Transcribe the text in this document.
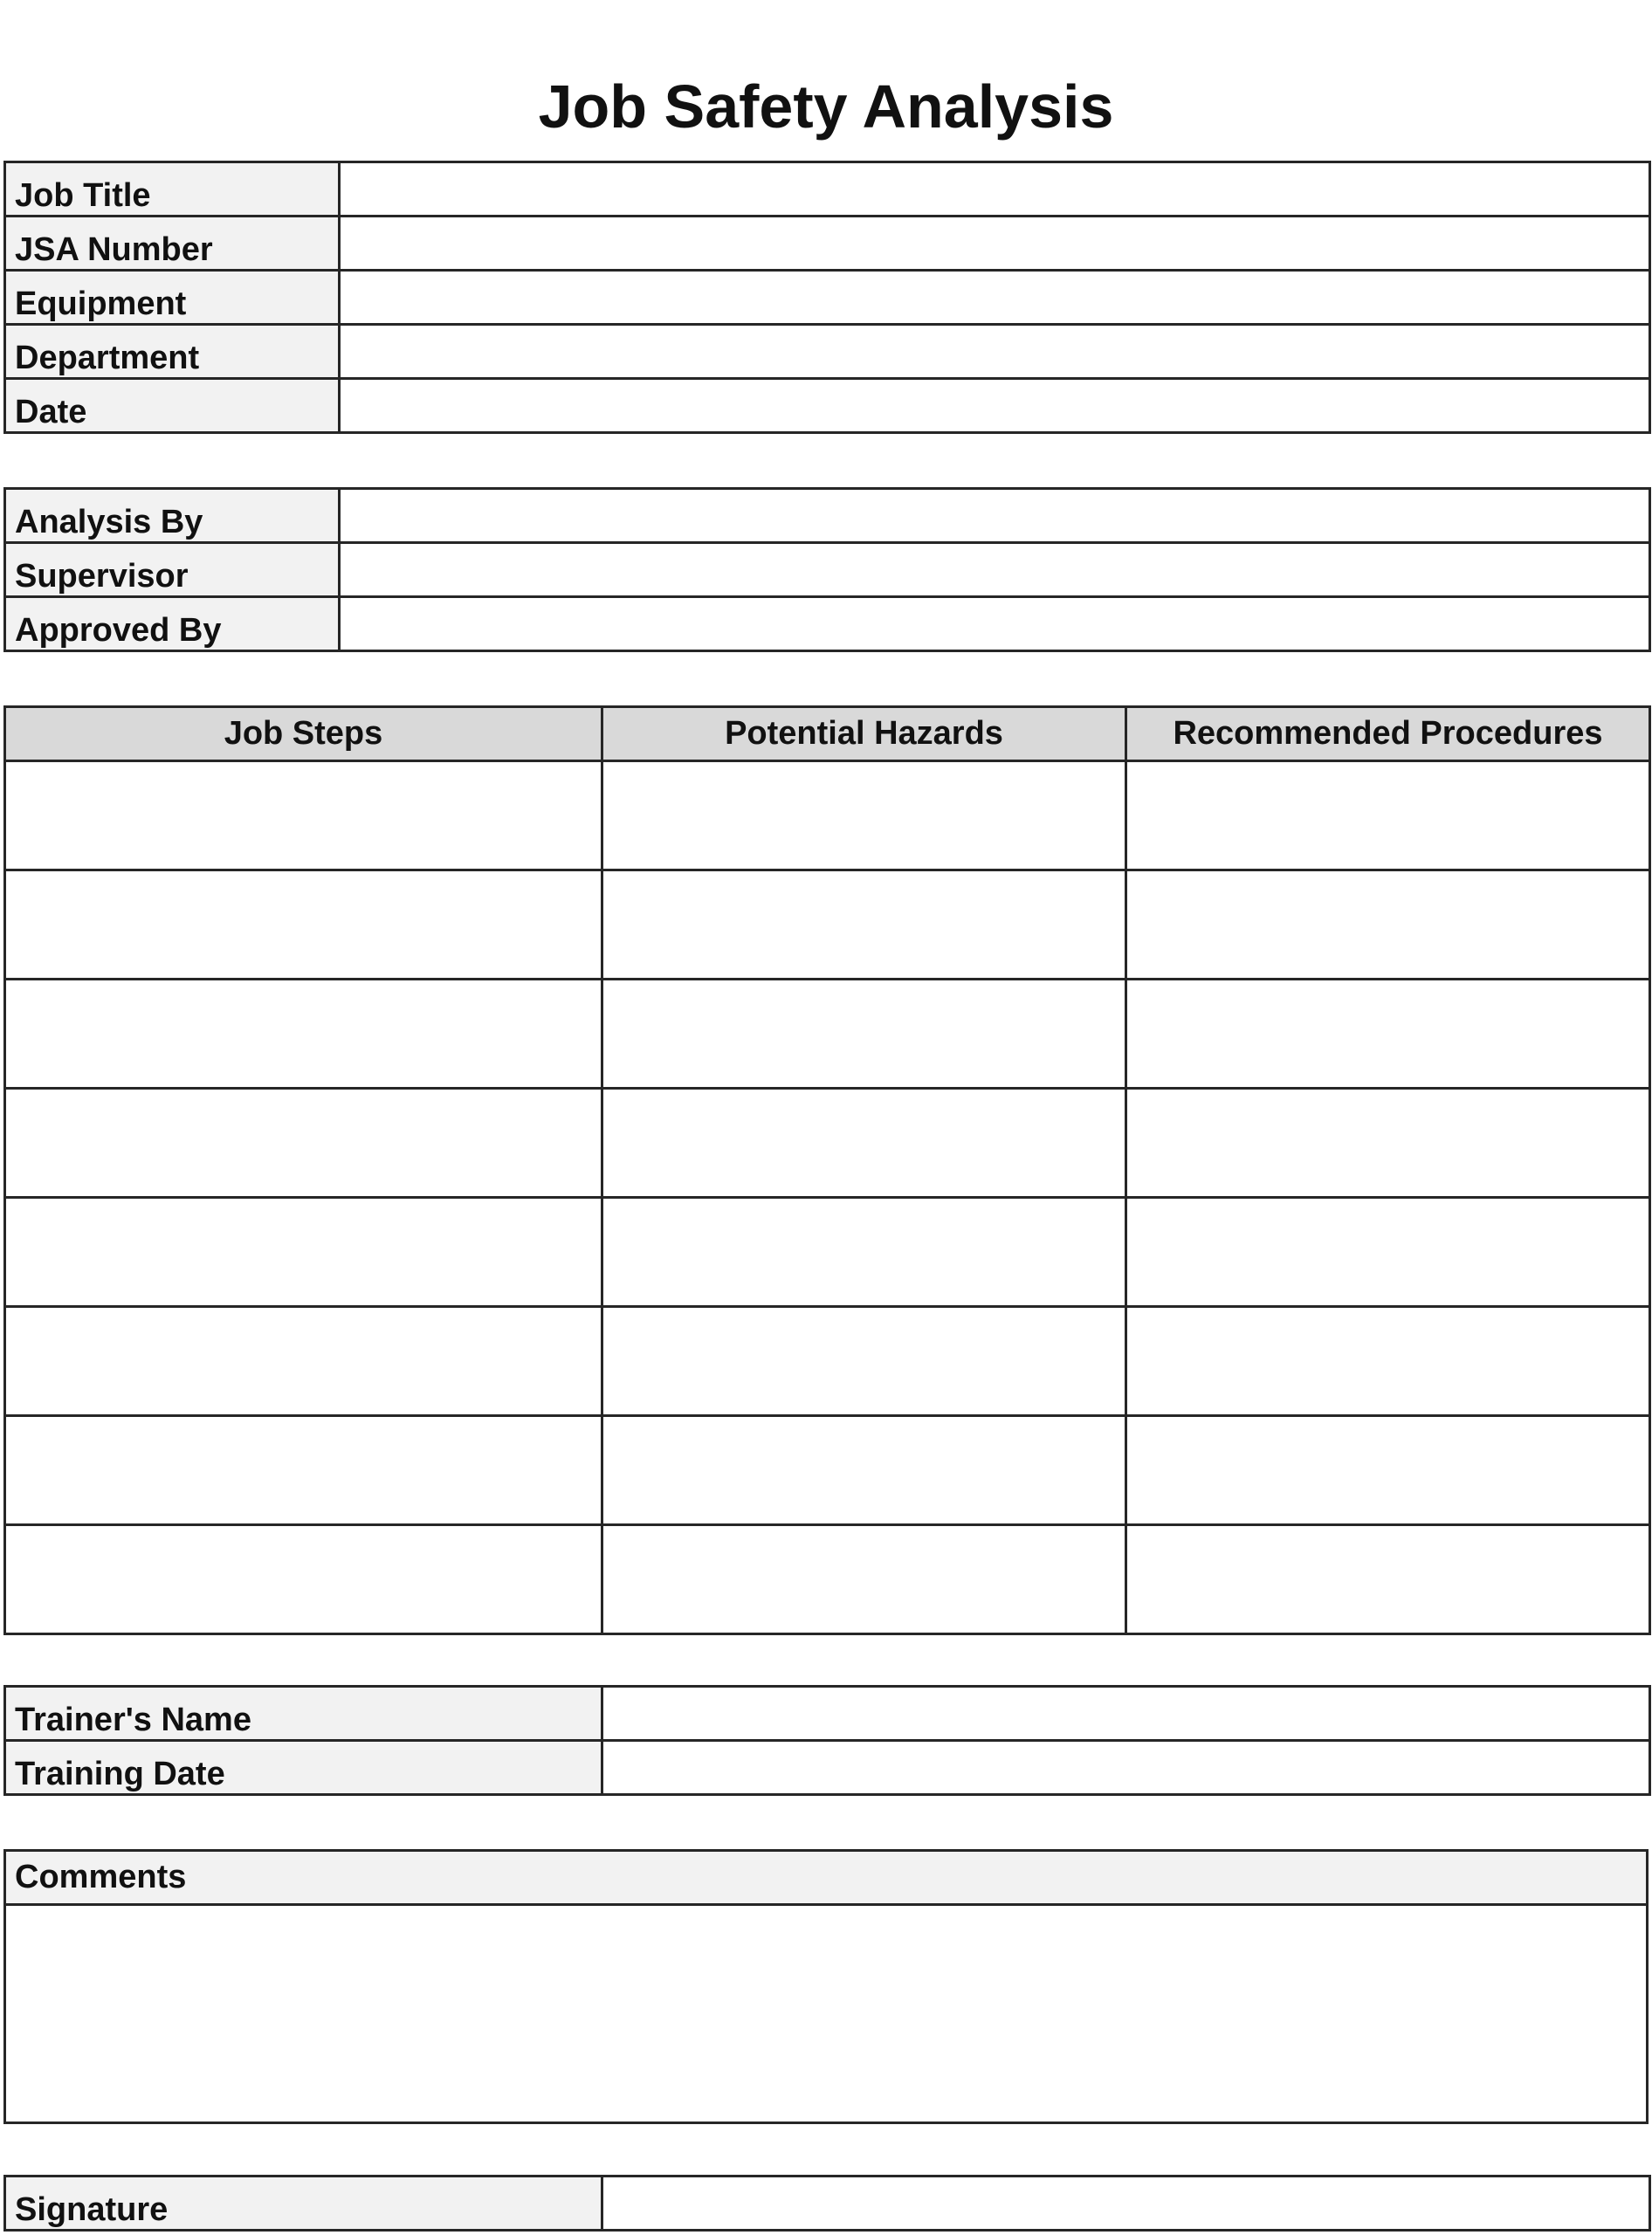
Job Safety Analysis
Job Title	
JSA Number	
Equipment	
Department	
Date	
Analysis By	
Supervisor	
Approved By	
Job Steps	Potential Hazards	Recommended Procedures

Trainer's Name	
Training Date	
Comments

Signature	
